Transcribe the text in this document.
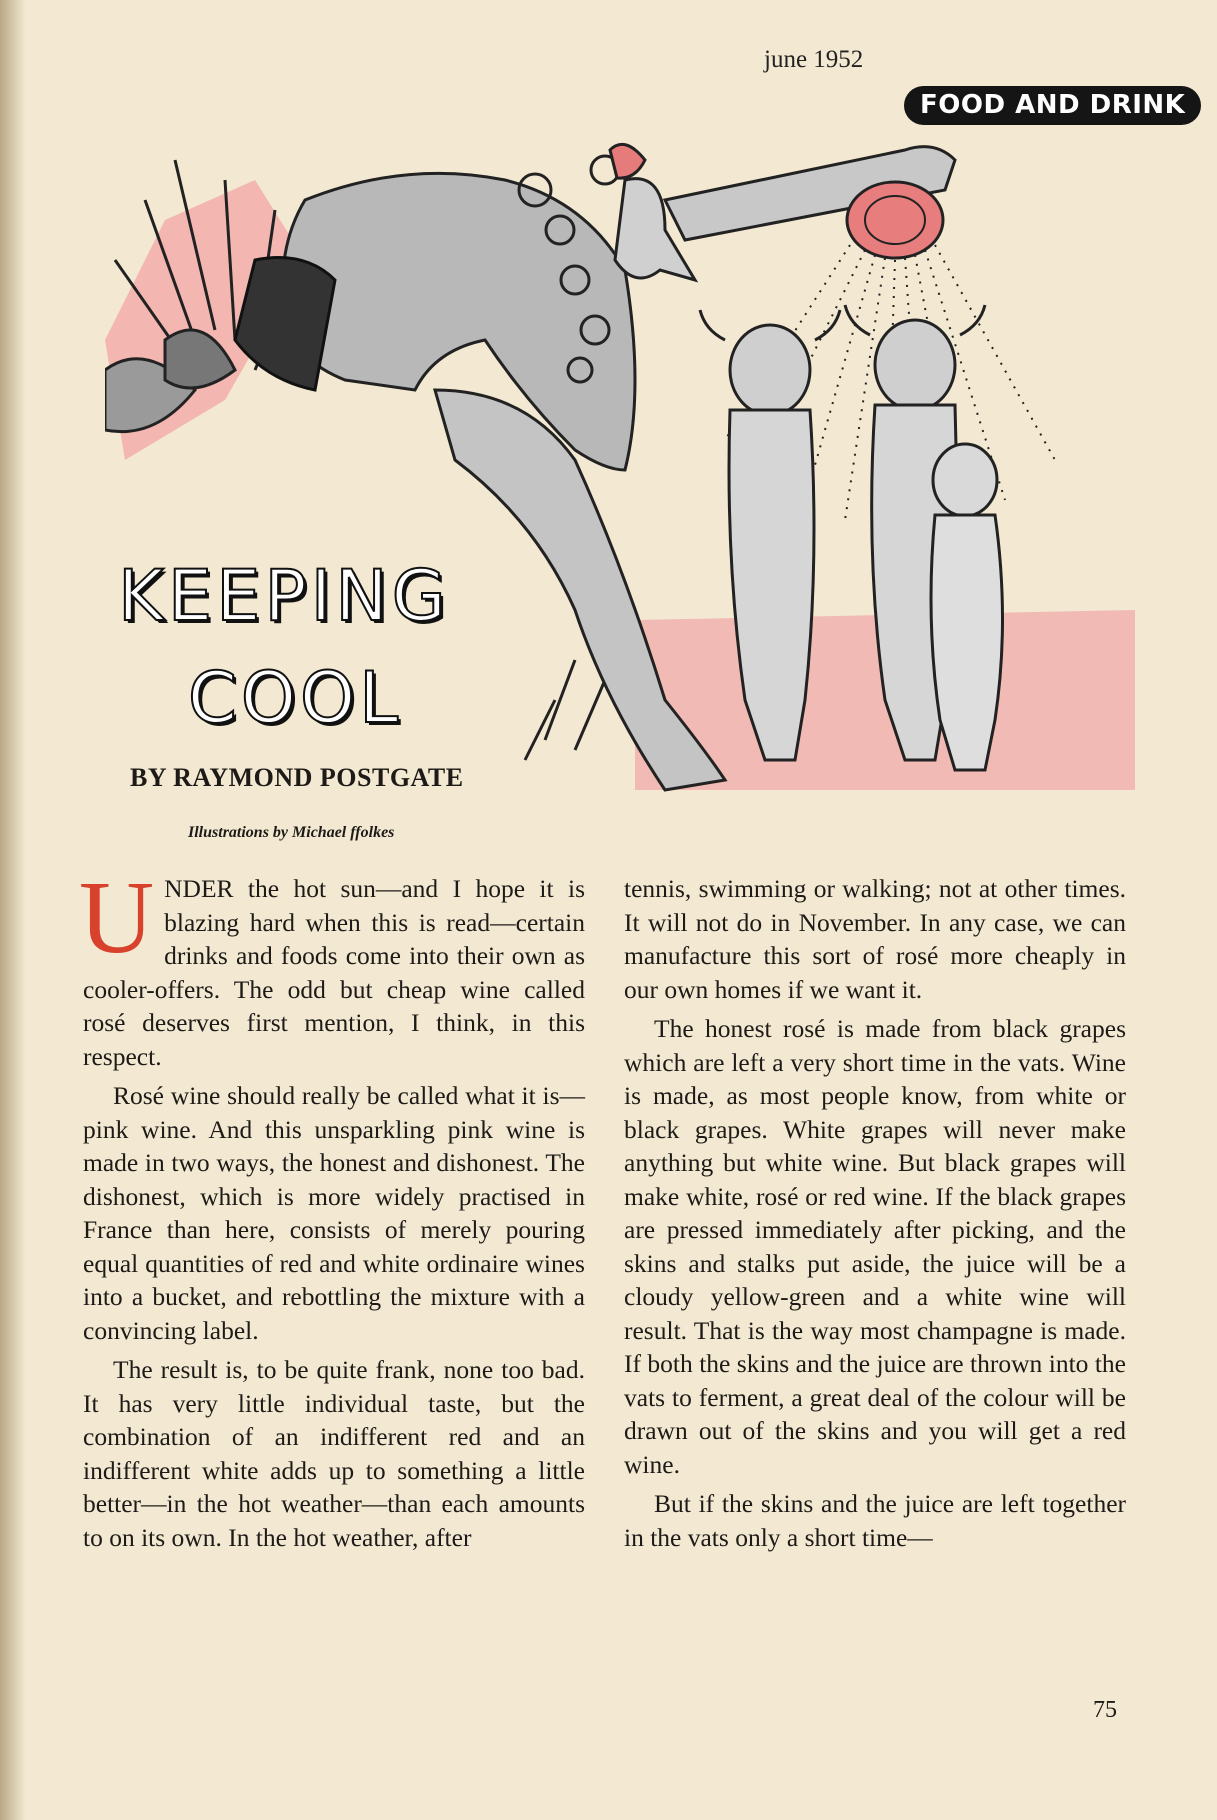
june 1952
FOOD AND DRINK
KEEPING
COOL
BY RAYMOND POSTGATE
Illustrations by Michael ffolkes

UNDER the hot sun—and I hope it is blazing hard when this is read—certain drinks and foods come into their own as cooler-offers. The odd but cheap wine called rosé deserves first mention, I think, in this respect.

Rosé wine should really be called what it is—pink wine. And this unsparkling pink wine is made in two ways, the honest and dishonest. The dishonest, which is more widely practised in France than here, consists of merely pouring equal quantities of red and white ordinaire wines into a bucket, and rebottling the mixture with a convincing label.

The result is, to be quite frank, none too bad. It has very little individual taste, but the combination of an indifferent red and an indifferent white adds up to something a little better—in the hot weather—than each amounts to on its own. In the hot weather, after

tennis, swimming or walking; not at other times. It will not do in November. In any case, we can manufacture this sort of rosé more cheaply in our own homes if we want it.

The honest rosé is made from black grapes which are left a very short time in the vats. Wine is made, as most people know, from white or black grapes. White grapes will never make anything but white wine. But black grapes will make white, rosé or red wine. If the black grapes are pressed immediately after picking, and the skins and stalks put aside, the juice will be a cloudy yellow-green and a white wine will result. That is the way most champagne is made. If both the skins and the juice are thrown into the vats to ferment, a great deal of the colour will be drawn out of the skins and you will get a red wine.

But if the skins and the juice are left together in the vats only a short time—

75
